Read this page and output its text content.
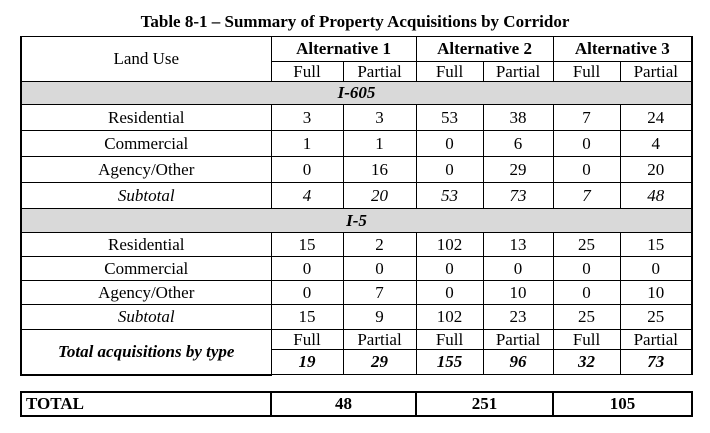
Table 8-1 – Summary of Property Acquisitions by Corridor
Land Use	Alternative 1		Alternative 2		Alternative 3	
	Full	Partial	Full	Partial	Full	Partial
I-605						
Residential	3	3	53	38	7	24
Commercial	1	1	0	6	0	4
Agency/Other	0	16	0	29	0	20
Subtotal	4	20	53	73	7	48
I-5						
Residential	15	2	102	13	25	15
Commercial	0	0	0	0	0	0
Agency/Other	0	7	0	10	0	10
Subtotal	15	9	102	23	25	25
Total acquisitions by type	Full	Partial	Full	Partial	Full	Partial
	19	29	155	96	32	73
TOTAL	48	251	105
